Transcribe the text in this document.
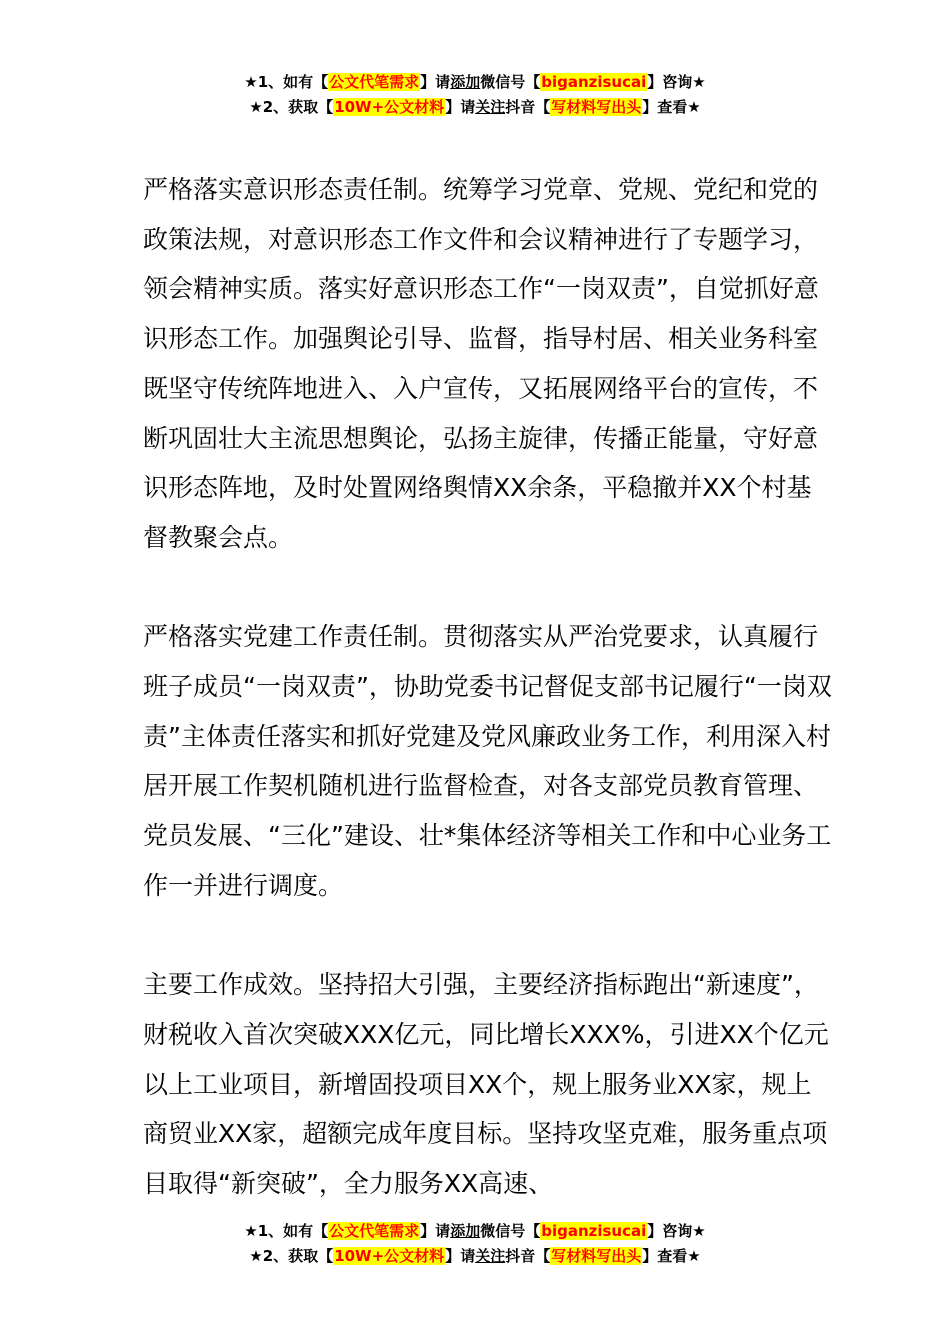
★1、如有【公文代笔需求】请添加微信号【biganzisucai】咨询★
★2、获取【10W+公文材料】请关注抖音【写材料写出头】查看★

严格落实意识形态责任制。统筹学习党章、党规、党纪和党的政策法规，对意识形态工作文件和会议精神进行了专题学习，领会精神实质。落实好意识形态工作“一岗双责”，自觉抓好意识形态工作。加强舆论引导、监督，指导村居、相关业务科室既坚守传统阵地进入、入户宣传，又拓展网络平台的宣传，不断巩固壮大主流思想舆论，弘扬主旋律，传播正能量，守好意识形态阵地，及时处置网络舆情XX余条，平稳撤并XX个村基督教聚会点。

严格落实党建工作责任制。贯彻落实从严治党要求，认真履行班子成员“一岗双责”，协助党委书记督促支部书记履行“一岗双责”主体责任落实和抓好党建及党风廉政业务工作，利用深入村居开展工作契机随机进行监督检查，对各支部党员教育管理、党员发展、“三化”建设、壮*集体经济等相关工作和中心业务工作一并进行调度。

主要工作成效。坚持招大引强，主要经济指标跑出“新速度”，财税收入首次突破XXX亿元，同比增长XXX%，引进XX个亿元以上工业项目，新增固投项目XX个，规上服务业XX家，规上商贸业XX家，超额完成年度目标。坚持攻坚克难，服务重点项目取得“新突破”，全力服务XX高速、

★1、如有【公文代笔需求】请添加微信号【biganzisucai】咨询★
★2、获取【10W+公文材料】请关注抖音【写材料写出头】查看★
